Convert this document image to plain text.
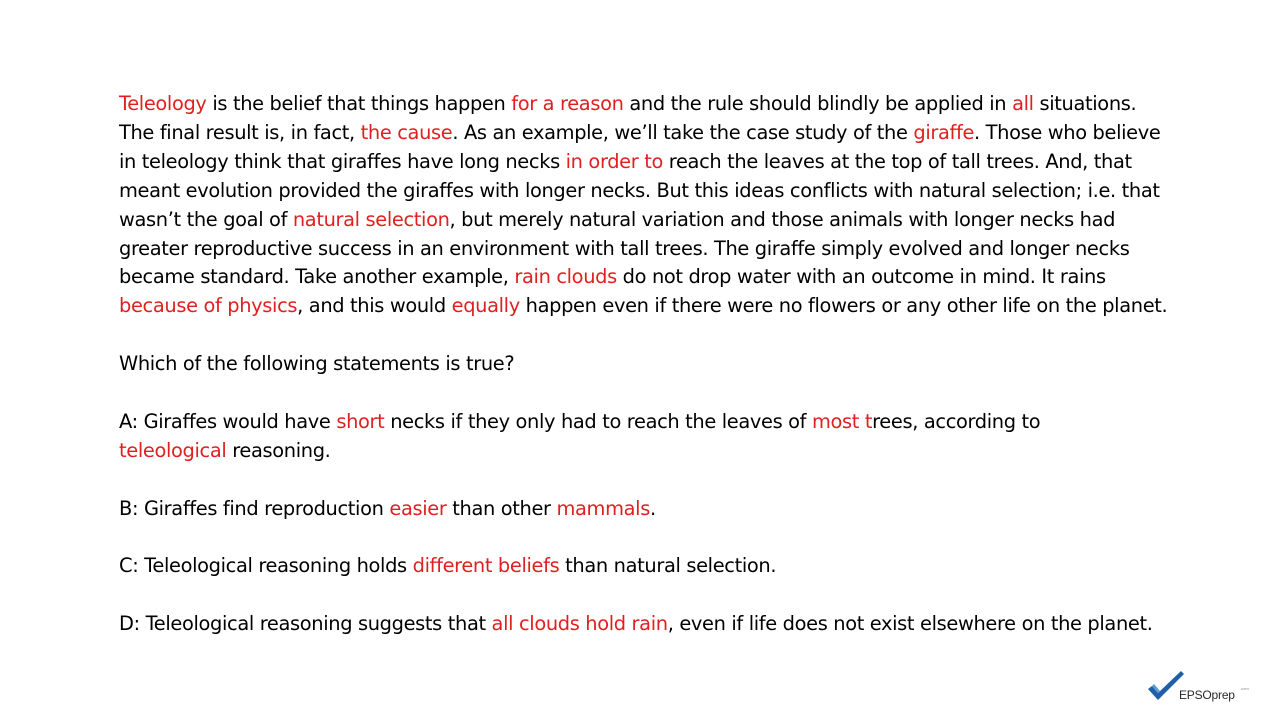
Teleology is the belief that things happen for a reason and the rule should blindly be applied in all situations. The final result is, in fact, the cause. As an example, we’ll take the case study of the giraffe. Those who believe in teleology think that giraffes have long necks in order to reach the leaves at the top of tall trees. And, that meant evolution provided the giraffes with longer necks. But this ideas conflicts with natural selection; i.e. that wasn’t the goal of natural selection, but merely natural variation and those animals with longer necks had greater reproductive success in an environment with tall trees. The giraffe simply evolved and longer necks became standard. Take another example, rain clouds do not drop water with an outcome in mind. It rains because of physics, and this would equally happen even if there were no flowers or any other life on the planet.

Which of the following statements is true?

A: Giraffes would have short necks if they only had to reach the leaves of most trees, according to
teleological reasoning.

B: Giraffes find reproduction easier than other mammals.

C: Teleological reasoning holds different beliefs than natural selection.

D: Teleological reasoning suggests that all clouds hold rain, even if life does not exist elsewhere on the planet.

EPSOprep .com
